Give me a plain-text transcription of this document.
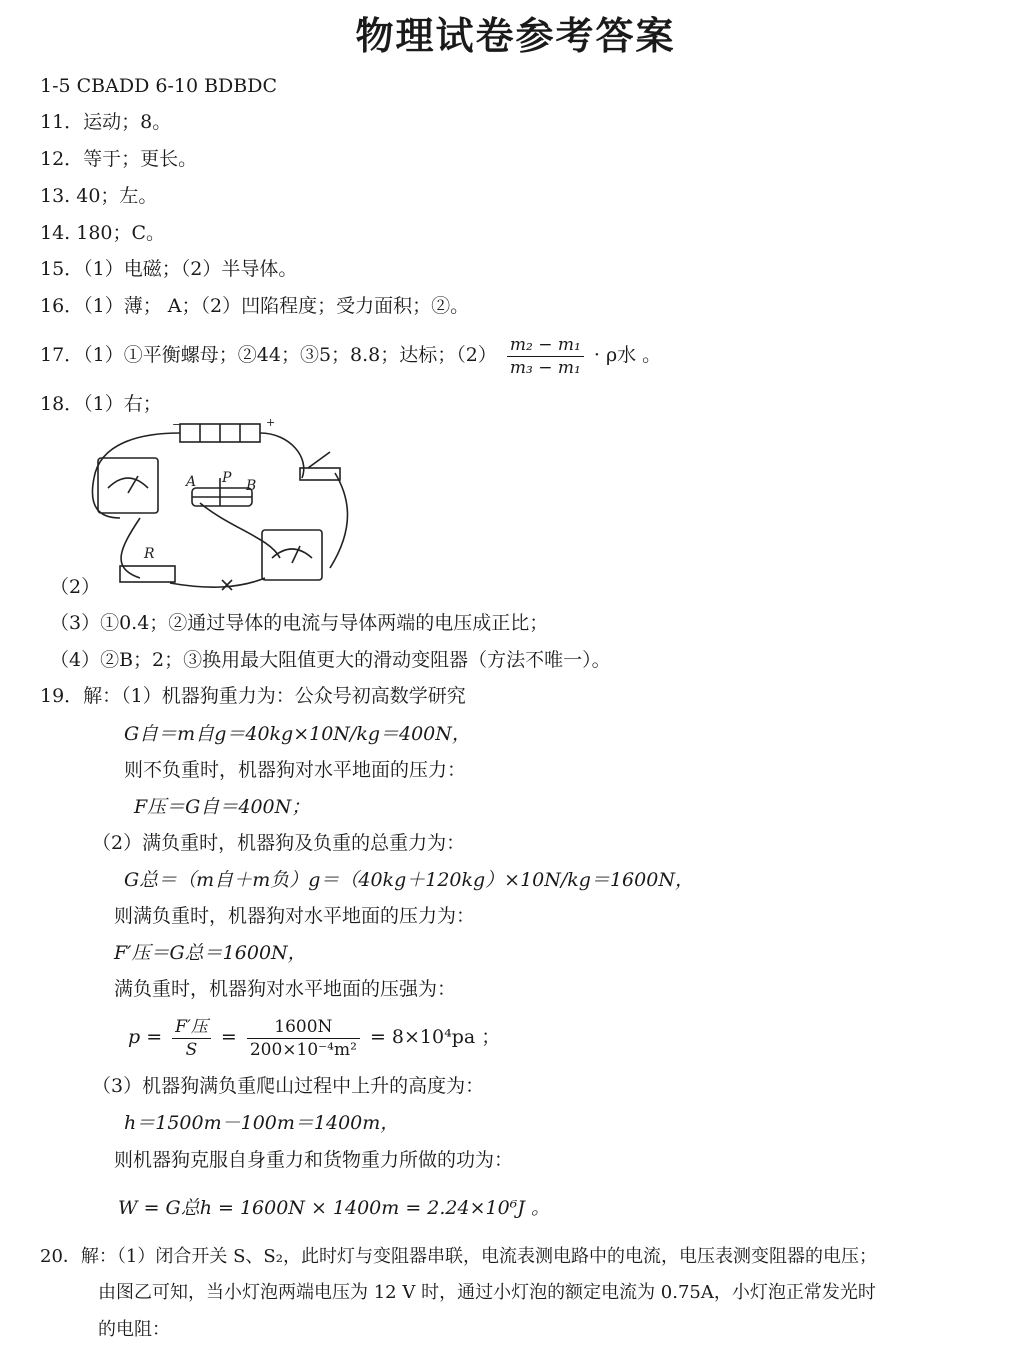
物理试卷参考答案
1-5 CBADD 6-10 BDBDC
11．运动；8。
12．等于；更长。
13. 40；左。
14. 180；C。
15．（1）电磁；（2）半导体。
16．（1）薄； A；（2）凹陷程度；受力面积；②。
17．（1）①平衡螺母；②44；③5；8.8；达标；$(2) \frac{\text{m₂ − m₁}}{\text{m₃ − m₁}} \cdot \rho$水 。
18．（1）右；
A P B
R
+
−
（2）
（3）①0.4；②通过导体的电流与导体两端的电压成正比；
（4）②B；2；③换用最大阻值更大的滑动变阻器（方法不唯一）。
19．解：（1）机器狗重力为：公众号初高数学研究
G自＝m自g＝40kg×10N/kg＝400N，
则不负重时，机器狗对水平地面的压力：
F压＝G自＝400N；
（2）满负重时，机器狗及负重的总重力为：
G总＝（m自＋m负）g＝（40kg＋120kg）×10N/kg＝1600N，
则满负重时，机器狗对水平地面的压力为：
F′压＝G总＝1600N，
满负重时，机器狗对水平地面的压强为：
$p = \frac{\text{F′压}}{S} = \frac{1600N}{\text{200×10⁻⁴m²}} = 8\times 10^4pa$ ；
（3）机器狗满负重爬山过程中上升的高度为：
h＝1500m－100m＝1400m，
则机器狗克服自身重力和货物重力所做的功为：
W = G总h = 1600N × 1400m = 2.24×10⁶J 。
20．解：（1）闭合开关 S、S₂，此时灯与变阻器串联，电流表测电路中的电流，电压表测变阻器的电压；
由图乙可知，当小灯泡两端电压为 12 V 时，通过小灯泡的额定电流为 0.75A，小灯泡正常发光时
的电阻：
